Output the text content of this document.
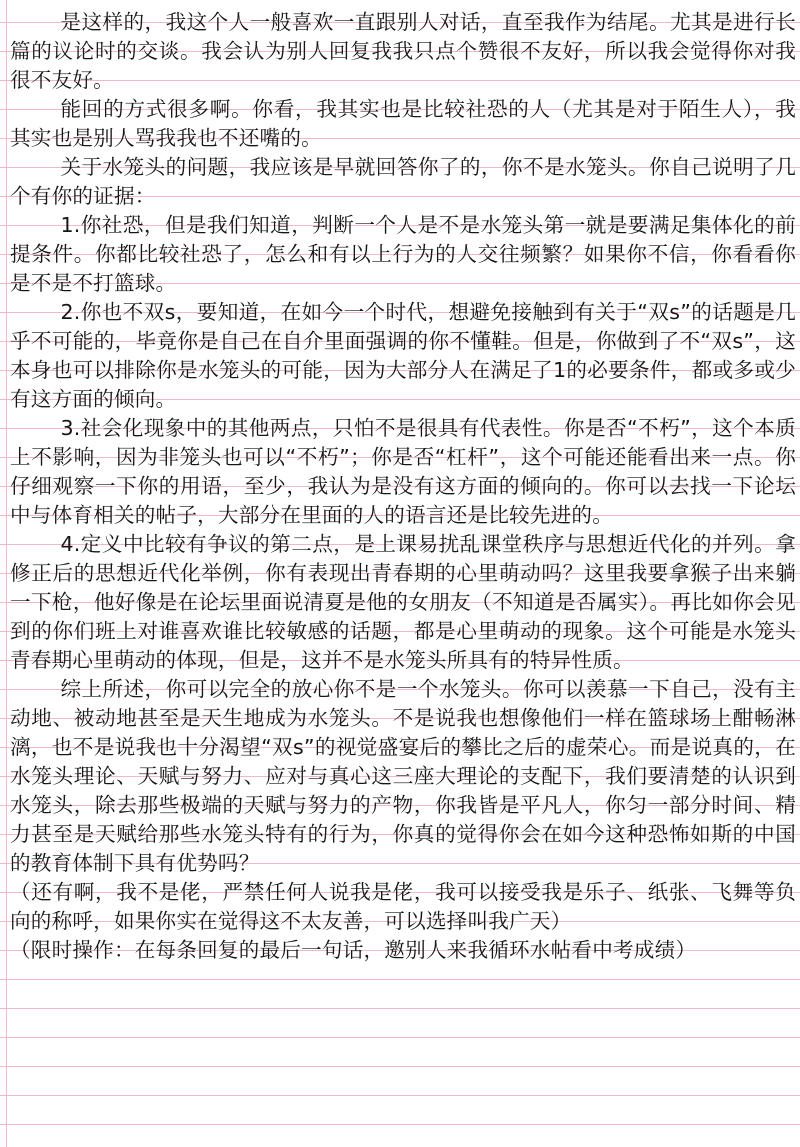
是这样的，我这个人一般喜欢一直跟别人对话，直至我作为结尾。尤其是进行长篇的议论时的交谈。我会认为别人回复我我只点个赞很不友好，所以我会觉得你对我很不友好。

能回的方式很多啊。你看，我其实也是比较社恐的人（尤其是对于陌生人），我其实也是别人骂我我也不还嘴的。

关于水笼头的问题，我应该是早就回答你了的，你不是水笼头。你自己说明了几个有你的证据：

1.你社恐，但是我们知道，判断一个人是不是水笼头第一就是要满足集体化的前提条件。你都比较社恐了，怎么和有以上行为的人交往频繁？如果你不信，你看看你是不是不打篮球。

2.你也不双s，要知道，在如今一个时代，想避免接触到有关于“双s”的话题是几乎不可能的，毕竟你是自己在自介里面强调的你不懂鞋。但是，你做到了不“双s”，这本身也可以排除你是水笼头的可能，因为大部分人在满足了1的必要条件，都或多或少有这方面的倾向。

3.社会化现象中的其他两点，只怕不是很具有代表性。你是否“不朽”，这个本质上不影响，因为非笼头也可以“不朽”；你是否“杠杆”，这个可能还能看出来一点。你仔细观察一下你的用语，至少，我认为是没有这方面的倾向的。你可以去找一下论坛中与体育相关的帖子，大部分在里面的人的语言还是比较先进的。

4.定义中比较有争议的第二点，是上课易扰乱课堂秩序与思想近代化的并列。拿修正后的思想近代化举例，你有表现出青春期的心里萌动吗？这里我要拿猴子出来躺一下枪，他好像是在论坛里面说清夏是他的女朋友（不知道是否属实）。再比如你会见到的你们班上对谁喜欢谁比较敏感的话题，都是心里萌动的现象。这个可能是水笼头青春期心里萌动的体现，但是，这并不是水笼头所具有的特异性质。

综上所述，你可以完全的放心你不是一个水笼头。你可以羡慕一下自己，没有主动地、被动地甚至是天生地成为水笼头。不是说我也想像他们一样在篮球场上酣畅淋漓，也不是说我也十分渴望“双s”的视觉盛宴后的攀比之后的虚荣心。而是说真的，在水笼头理论、天赋与努力、应对与真心这三座大理论的支配下，我们要清楚的认识到水笼头，除去那些极端的天赋与努力的产物，你我皆是平凡人，你匀一部分时间、精力甚至是天赋给那些水笼头特有的行为，你真的觉得你会在如今这种恐怖如斯的中国的教育体制下具有优势吗？

（还有啊，我不是佬，严禁任何人说我是佬，我可以接受我是乐子、纸张、飞舞等负向的称呼，如果你实在觉得这不太友善，可以选择叫我广天）

（限时操作：在每条回复的最后一句话，邀别人来我循环水帖看中考成绩）
